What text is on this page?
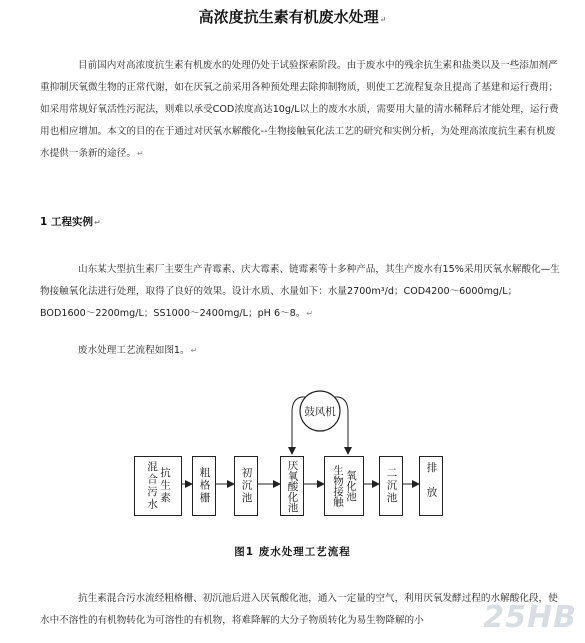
高浓度抗生素有机废水处理↵

目前国内对高浓度抗生素有机废水的处理仍处于试验探索阶段。由于废水中的残余抗生素和盐类以及一些添加剂严重抑制厌氧微生物的正常代谢，如在厌氧之前采用各种预处理去除抑制物质，则使工艺流程复杂且提高了基建和运行费用；如采用常规好氧活性污泥法，则难以承受COD浓度高达10g/L以上的废水水质，需要用大量的清水稀释后才能处理，运行费用也相应增加。本文的目的在于通过对厌氧水解酸化--生物接触氧化法工艺的研究和实例分析，为处理高浓度抗生素有机废水提供一条新的途径。↵

1 工程实例↵

山东某大型抗生素厂主要生产青霉素、庆大霉素、链霉素等十多种产品，其生产废水有15%采用厌氧水解酸化—生物接触氧化法进行处理，取得了良好的效果。设计水质、水量如下：水量2700m³/d；COD4200～6000mg/L；BOD1600～2200mg/L；SS1000～2400mg/L；pH 6～8。↵

废水处理工艺流程如图1。↵

鼓风机
混合污水 抗生素	粗格栅	初沉池	厌氧酸化池	生物接触 氧化池	二沉池	排放
图1 废水处理工艺流程

抗生素混合污水流经粗格栅、初沉池后进入厌氧酸化池，通入一定量的空气，利用厌氧发酵过程的水解酸化段，使水中不溶性的有机物转化为可溶性的有机物，将难降解的大分子物质转化为易生物降解的小	25HB
